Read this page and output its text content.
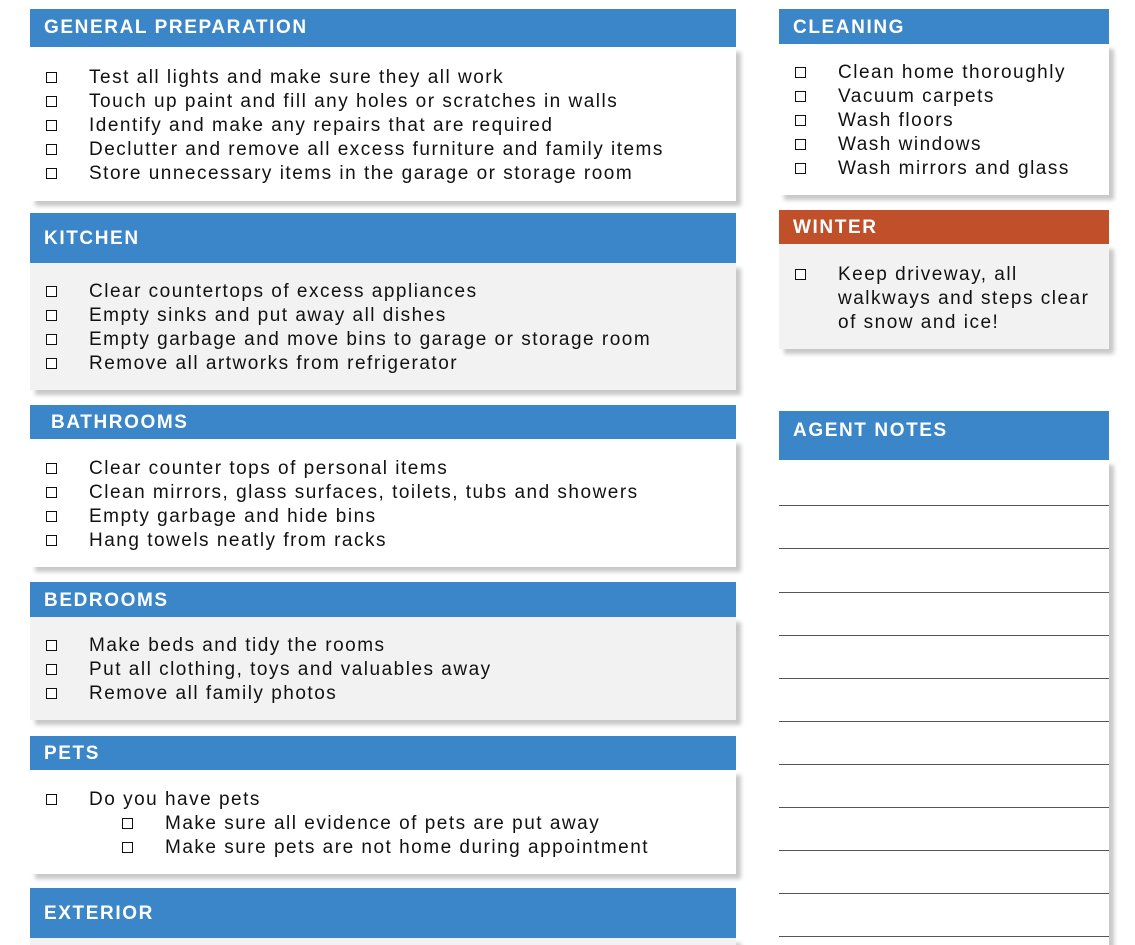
Test all lights and make sure they all work
Touch up paint and fill any holes or scratches in walls
Identify and make any repairs that are required
Declutter and remove all excess furniture and family items
Store unnecessary items in the garage or storage room
GENERAL PREPARATION
Clear countertops of excess appliances
Empty sinks and put away all dishes
Empty garbage and move bins to garage or storage room
Remove all artworks from refrigerator
KITCHEN
Clear counter tops of personal items
Clean mirrors, glass surfaces, toilets, tubs and showers
Empty garbage and hide bins
Hang towels neatly from racks
BATHROOMS
Make beds and tidy the rooms
Put all clothing, toys and valuables away
Remove all family photos
BEDROOMS
Do you have pets
Make sure all evidence of pets are put away
Make sure pets are not home during appointment
PETS
EXTERIOR
Clean home thoroughly
Vacuum carpets
Wash floors
Wash windows
Wash mirrors and glass
CLEANING
Keep driveway, all walkways and steps clear of snow and ice!
WINTER
AGENT NOTES
